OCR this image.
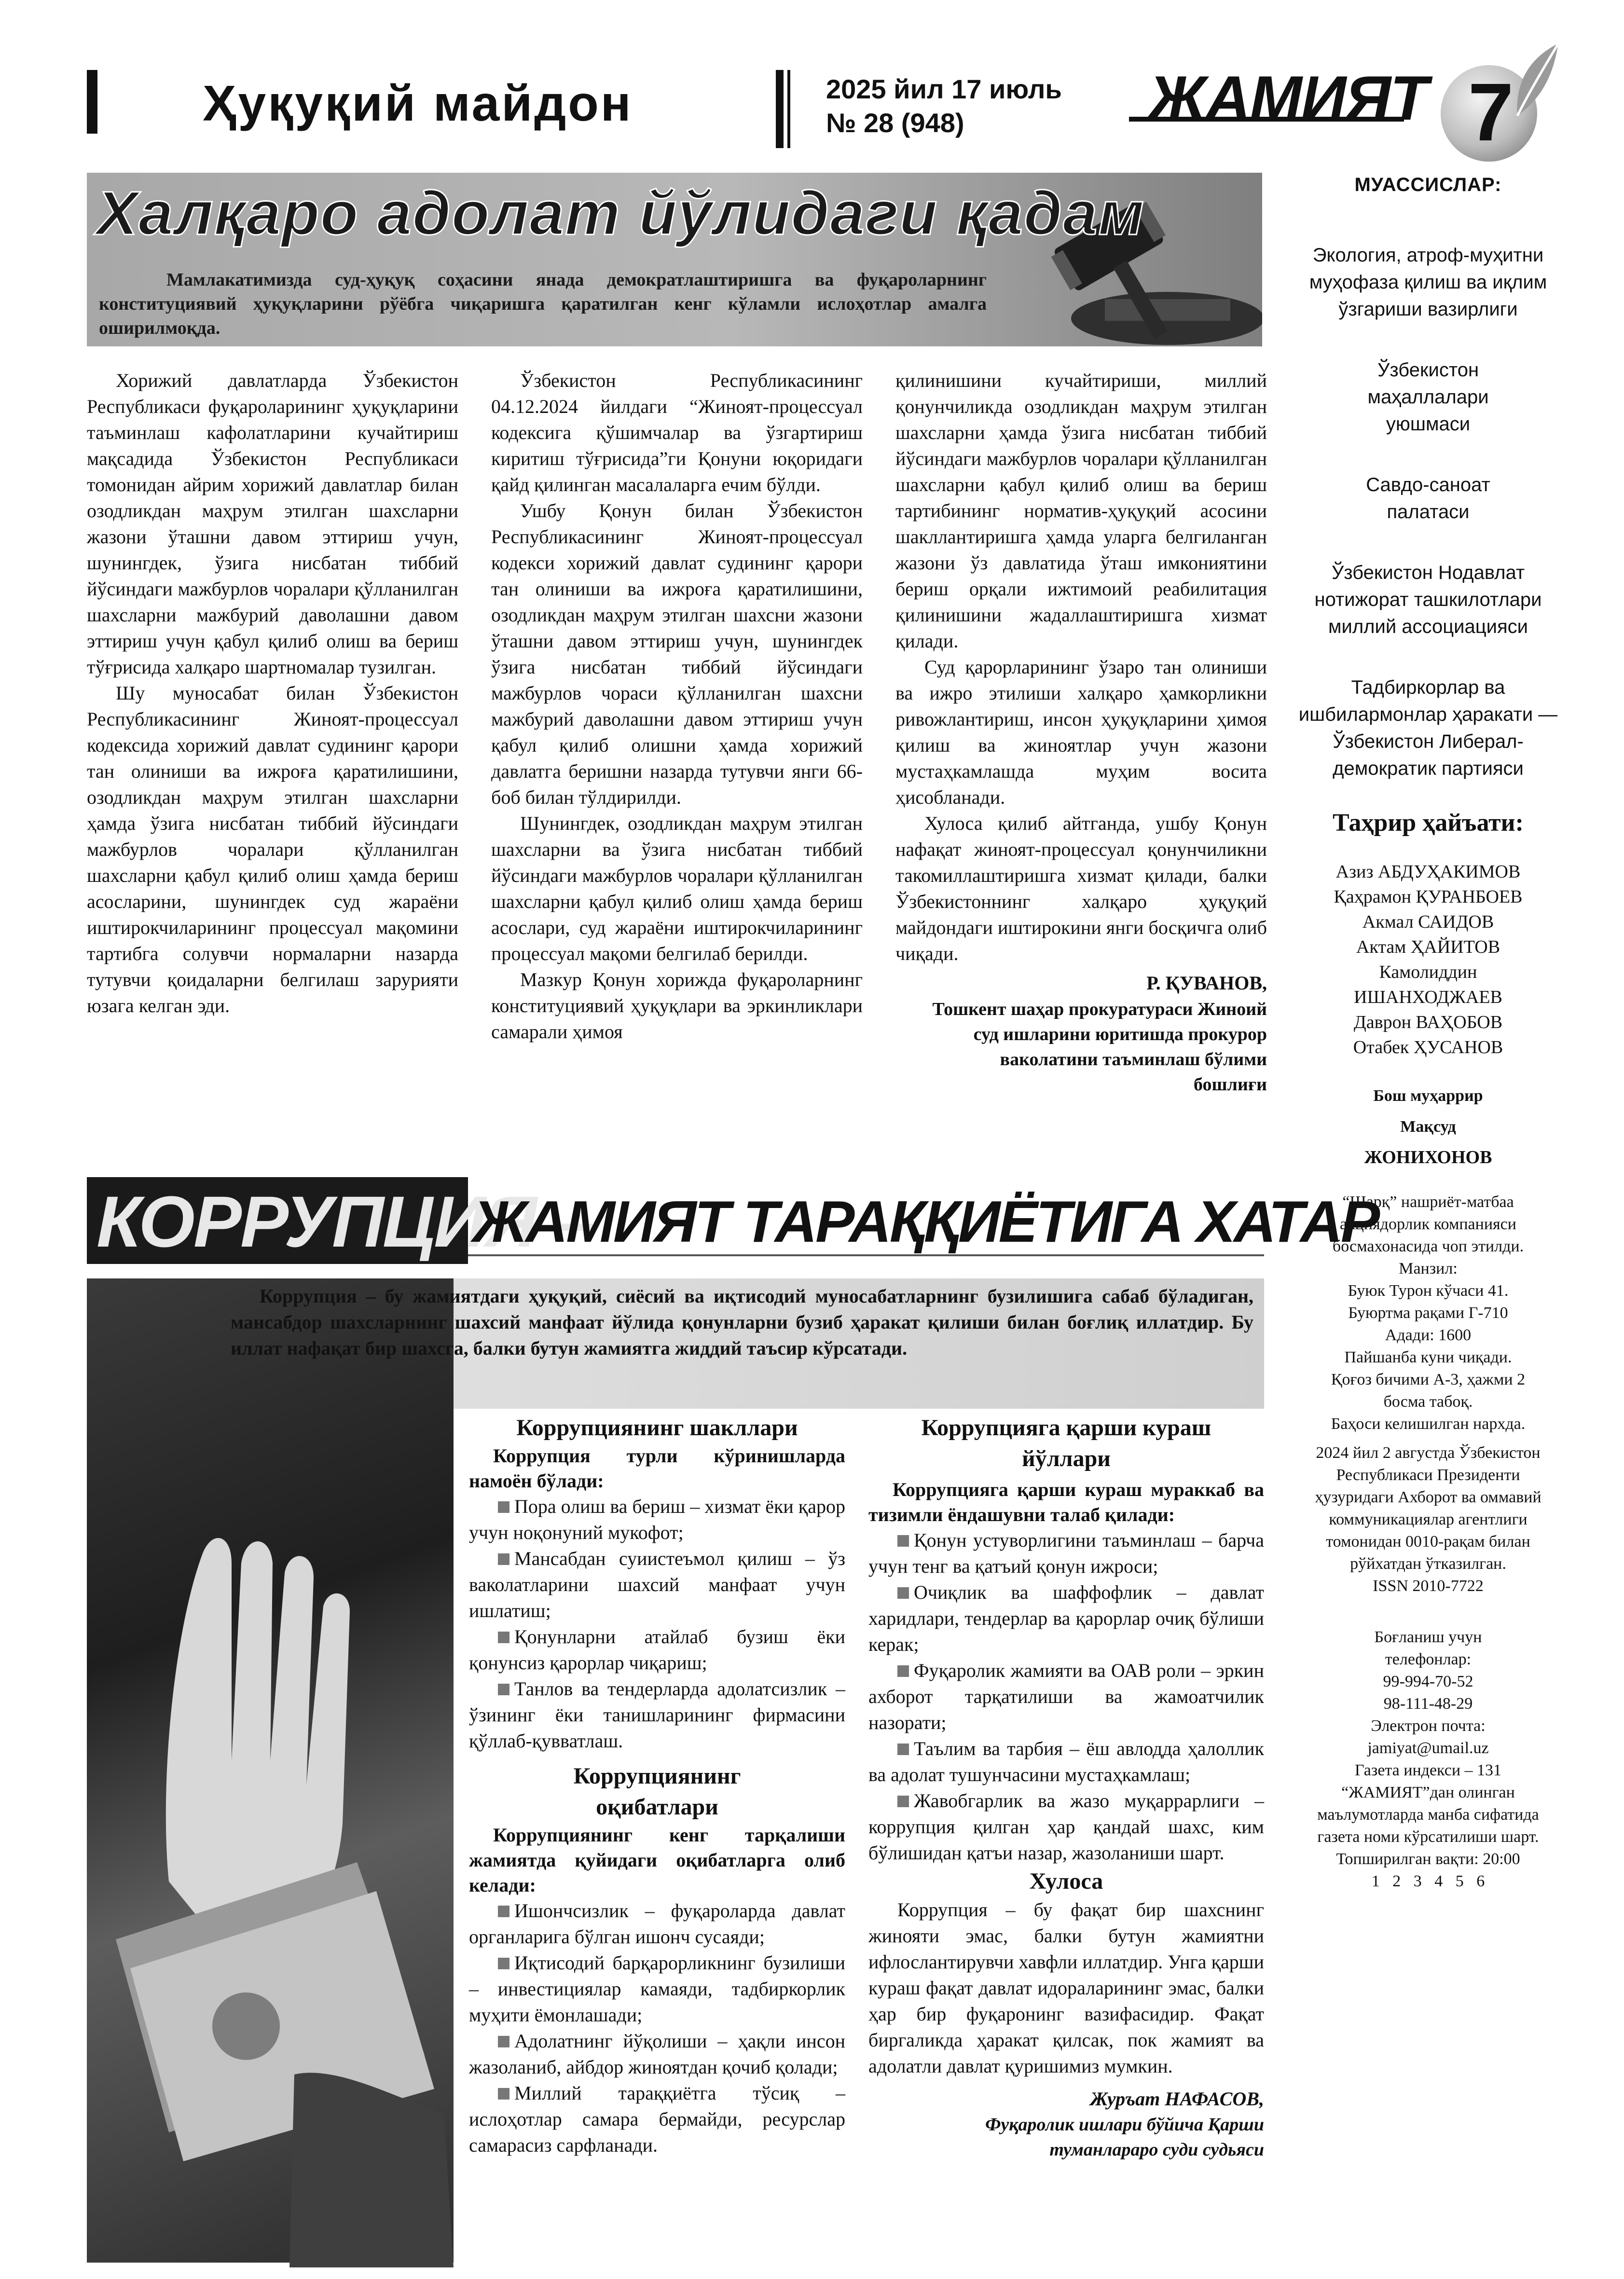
Ҳуқуқий майдон	2025 йил 17 июль
№ 28 (948)	ЖАМИЯТ 7
Халқаро адолат йўлидаги қадам
Мамлакатимизда суд-ҳуқуқ соҳасини янада демократлаштиришга ва фуқароларнинг конституциявий ҳуқуқларини рўёбга чиқаришга қаратилган кенг кўламли ислоҳотлар амалга оширилмоқда.

Хорижий давлатларда Ўзбекистон Республикаси фуқароларининг ҳуқуқларини таъминлаш кафолатларини кучайтириш мақсадида Ўзбекистон Республикаси томонидан айрим хорижий давлатлар билан озодликдан маҳрум этилган шахсларни жазони ўташни давом эттириш учун, шунингдек, ўзига нисбатан тиббий йўсиндаги мажбурлов чоралари қўлланилган шахсларни мажбурий даволашни давом эттириш учун қабул қилиб олиш ва бериш тўғрисида халқаро шартномалар тузилган.

Шу муносабат билан Ўзбекистон Республикасининг Жиноят-процессуал кодексида хорижий давлат судининг қарори тан олиниши ва ижроға қаратилишини, озодликдан маҳрум этилган шахсларни ҳамда ўзига нисбатан тиббий йўсиндаги мажбурлов чоралари қўлланилган шахсларни қабул қилиб олиш ҳамда бериш асосларини, шунингдек суд жараёни иштирокчиларининг процессуал мақомини тартибга солувчи нормаларни назарда тутувчи қоидаларни белгилаш зарурияти юзага келган эди.

Ўзбекистон Республикасининг 04.12.2024 йилдаги “Жиноят-процессуал кодексига қўшимчалар ва ўзгартириш киритиш тўғрисида”ги Қонуни юқоридаги қайд қилинган масалаларга ечим бўлди.

Ушбу Қонун билан Ўзбекистон Республикасининг Жиноят-процессуал кодекси хорижий давлат судининг қарори тан олиниши ва ижроға қаратилишини, озодликдан маҳрум этилган шахсни жазони ўташни давом эттириш учун, шунингдек ўзига нисбатан тиббий йўсиндаги мажбурлов чораси қўлланилган шахсни мажбурий даволашни давом эттириш учун қабул қилиб олишни ҳамда хорижий давлатга беришни назарда тутувчи янги 66-боб билан тўлдирилди.

Шунингдек, озодликдан маҳрум этилган шахсларни ва ўзига нисбатан тиббий йўсиндаги мажбурлов чоралари қўлланилган шахсларни қабул қилиб олиш ҳамда бериш асослари, суд жараёни иштирокчиларининг процессуал мақоми белгилаб берилди.

Мазкур Қонун хорижда фуқароларнинг конституциявий ҳуқуқлари ва эркинликлари самарали ҳимоя

қилинишини кучайтириши, миллий қонунчиликда озодликдан маҳрум этилган шахсларни ҳамда ўзига нисбатан тиббий йўсиндаги мажбурлов чоралари қўлланилган шахсларни қабул қилиб олиш ва бериш тартибининг норматив-ҳуқуқий асосини шакллантиришга ҳамда уларга белгиланган жазони ўз давлатида ўташ имкониятини бериш орқали ижтимоий реабилитация қилинишини жадаллаштиришга хизмат қилади.

Суд қарорларининг ўзаро тан олиниши ва ижро этилиши халқаро ҳамкорликни ривожлантириш, инсон ҳуқуқларини ҳимоя қилиш ва жиноятлар учун жазони мустаҳкамлашда муҳим восита ҳисобланади.

Хулоса қилиб айтганда, ушбу Қонун нафақат жиноят-процессуал қонунчиликни такомиллаштиришга хизмат қилади, балки Ўзбекистоннинг халқаро ҳуқуқий майдондаги иштирокини янги босқичга олиб чиқади.

Р. ҚУВАНОВ,

Тошкент шаҳар прокуратураси Жиноий суд ишларини юритишда прокурор ваколатини таъминлаш бўлими бошлиғи

КОРРУПЦИЯ –
ЖАМИЯТ ТАРАҚҚИЁТИГА ХАТАР
Коррупция – бу жамиятдаги ҳуқуқий, сиёсий ва иқтисодий муносабатларнинг бузилишига сабаб бўладиган, мансабдор шахсларнинг шахсий манфаат йўлида қонунларни бузиб ҳаракат қилиши билан боғлиқ иллатдир. Бу иллат нафақат бир шахсга, балки бутун жамиятга жиддий таъсир кўрсатади.

Коррупциянинг шакллари

Коррупция турли кўринишларда намоён бўлади:

Пора олиш ва бериш – хизмат ёки қарор учун ноқонуний мукофот;

Мансабдан суиистеъмол қилиш – ўз ваколатларини шахсий манфаат учун ишлатиш;

Қонунларни атайлаб бузиш ёки қонунсиз қарорлар чиқариш;

Танлов ва тендерларда адолатсизлик – ўзининг ёки танишларининг фирмасини қўллаб-қувватлаш.

Коррупциянинг оқибатлари

Коррупциянинг кенг тарқалиши жамиятда қуйидаги оқибатларга олиб келади:

Ишончсизлик – фуқароларда давлат органларига бўлган ишонч сусаяди;

Иқтисодий барқарорликнинг бузилиши – инвестициялар камаяди, тадбиркорлик муҳити ёмонлашади;

Адолатнинг йўқолиши – ҳақли инсон жазоланиб, айбдор жиноятдан қочиб қолади;

Миллий тараққиётга тўсиқ – ислоҳотлар самара бермайди, ресурслар самарасиз сарфланади.

Коррупцияга қарши кураш йўллари

Коррупцияга қарши кураш мураккаб ва тизимли ёндашувни талаб қилади:

Қонун устуворлигини таъминлаш – барча учун тенг ва қатъий қонун ижроси;

Очиқлик ва шаффофлик – давлат харидлари, тендерлар ва қарорлар очиқ бўлиши керак;

Фуқаролик жамияти ва ОАВ роли – эркин ахборот тарқатилиши ва жамоатчилик назорати;

Таълим ва тарбия – ёш авлодда ҳалоллик ва адолат тушунчасини мустаҳкамлаш;

Жавобгарлик ва жазо муқаррарлиги – коррупция қилган ҳар қандай шахс, ким бўлишидан қатъи назар, жазоланиши шарт.

Хулоса

Коррупция – бу фақат бир шахснинг жинояти эмас, балки бутун жамиятни ифлослантирувчи хавфли иллатдир. Унга қарши кураш фақат давлат идораларининг эмас, балки ҳар бир фуқаронинг вазифасидир. Фақат биргаликда ҳаракат қилсак, пок жамият ва адолатли давлат қуришимиз мумкин.

Журъат НАФАСОВ,

Фуқаролик ишлари бўйича Қарши туманлараро суди судьяси

МУАССИСЛАР:

Экология, атроф-муҳитни муҳофаза қилиш ва иқлим ўзгариши вазирлиги

Ўзбекистон маҳаллалари уюшмаси

Савдо-саноат палатаси

Ўзбекистон Нодавлат нотижорат ташкилотлари миллий ассоциацияси

Тадбиркорлар ва ишбилармонлар ҳаракати — Ўзбекистон Либерал-демократик партияси

Таҳрир ҳайъати:

Азиз АБДУҲАКИМОВ

Қаҳрамон ҚУРАНБОЕВ

Акмал САИДОВ

Актам ҲАЙИТОВ

Камолиддин ИШАНХОДЖАЕВ

Даврон ВАҲОБОВ

Отабек ҲУСАНОВ

Бош муҳаррир

Мақсуд

ЖОНИХОНОВ

“Шарқ” нашриёт-матбаа акциядорлик компанияси босмахонасида чоп этилди.

Манзил:

Буюк Турон кўчаси 41.

Буюртма рақами Г-710

Адади: 1600

Пайшанба куни чиқади.

Қоғоз бичими А-3, ҳажми 2 босма табоқ.

Баҳоси келишилган нархда.

2024 йил 2 августда Ўзбекистон Республикаси Президенти ҳузуридаги Ахборот ва оммавий коммуникациялар агентлиги томонидан 0010-рақам билан рўйхатдан ўтказилган.

ISSN 2010-7722

Боғланиш учун телефонлар:

99-994-70-52

98-111-48-29

Электрон почта:

jamiyat@umail.uz

Газета индекси – 131

“ЖАМИЯТ”дан олинган маълумотларда манба сифатида газета номи кўрсатилиши шарт.

Топширилган вақти: 20:00

1 2 3 4 5 6
